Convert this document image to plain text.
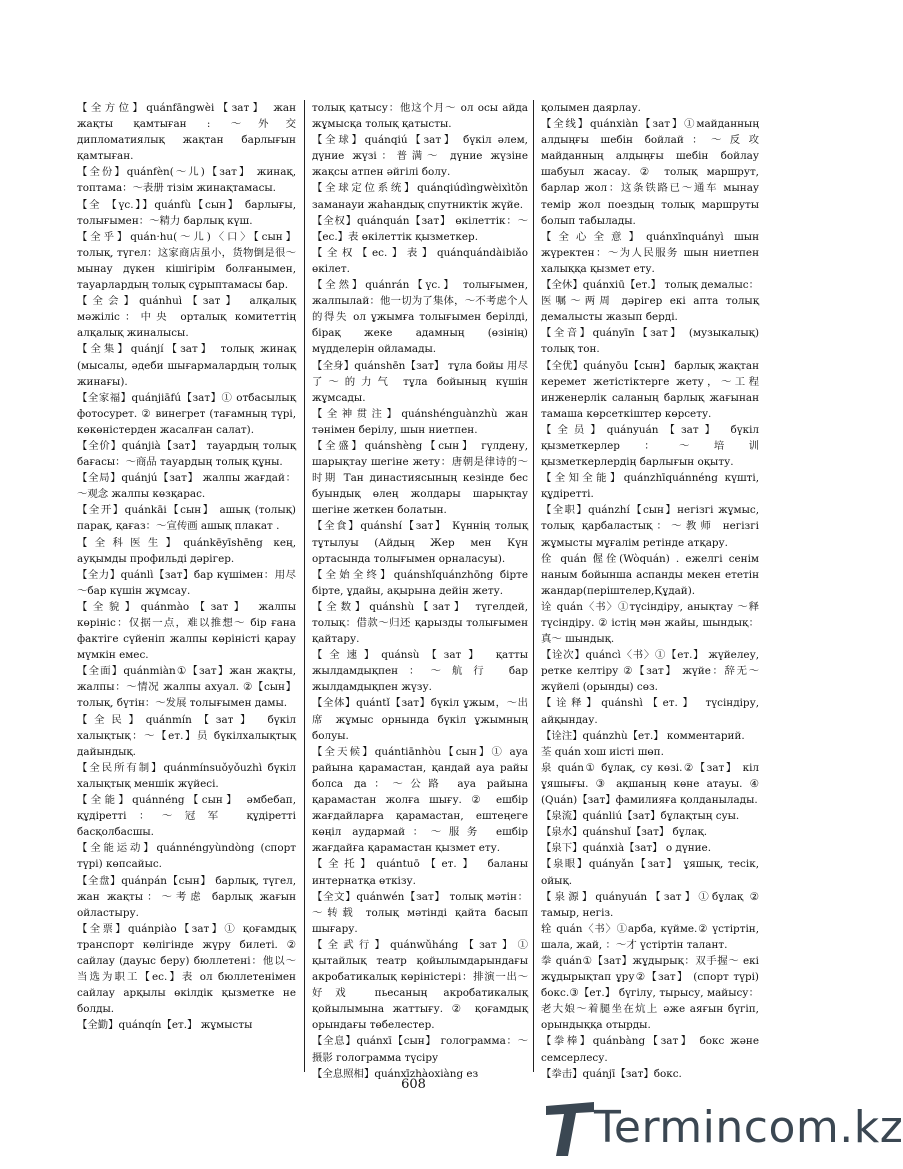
【全方位】quánfāngwèi【зат】 жан жақты қамтыған : ～外交 дипломатиялық жақтан барлығын қамтыған.

【全份】quánfèn(～儿)【зат】 жинақ, топтама：～表册 тізім жинақтамасы.

【全 【үс.】】quánfù【сын】 барлығы, толығымен：～精力 барлық күш.

【全乎】quán·hu(～儿)〈口〉【сын】 толық, түгел：这家商店虽小，货物倒是很～ мынау дүкен кішігірім болғанымен, тауарлардың толық сұрыптамасы бар.

【全会】quánhuì【зат】 алқалық мәжіліс：中央 орталық комитеттің алқалық жиналысы.

【全集】quánjí【зат】 толық жинақ (мысалы, әдеби шығармалардың толық жинағы).

【全家福】quánjiāfú【зат】① отбасылық фотосурет. ② винегрет (тағамның түрі, көкөністерден жасалған салат).

【全价】quánjià【зат】 тауардың толық бағасы：～商品 тауардың толық құны.

【全局】quánjú【зат】 жалпы жағдай：～观念 жалпы көзқарас.

【全开】quánkāi【сын】 ашық (толық) парақ, қағаз：～宣传画 ашық плакат .

【全科医生】quánkēyīshēng кең, ауқымды профильді дәрігер.

【全力】quánlì【зат】бар күшімен：用尽～бар күшін жұмсау.

【全貌】quánmào【зат】 жалпы көрініс：仅据一点，难以推想～ бір ғана фактіге сүйеніп жалпы көріністі қарау мүмкін емес.

【全面】quánmiàn①【зат】жан жақты, жалпы：～情况 жалпы ахуал. ②【сын】 толық, бүтін：～发展 толығымен дамы.

【全民】quánmín【зат】 бүкіл халықтық：～【ет.】员 бүкілхалықтық дайындық.

【全民所有制】quánmínsuǒyǒuzhì бүкіл халықтық меншік жүйесі.

【全能】quánnéng【сын】 әмбебап, құдіретті：～冠军 құдіретті басқолбасшы.

【全能运动】quánnéngyùndòng (спорт түрі) көпсайыс.

【全盘】quánpán【сын】 барлық, түгел, жан жақты：～考虑 барлық жағын ойластыру.

【全票】quánpiào【зат】① қоғамдық транспорт көлігінде жүру билеті. ② сайлау (дауыс беру) бюллетені：他以～当选为职工【ес.】表 ол бюллетенімен сайлау арқылы өкілдік қызметке не болды.

【全勤】quánqín【ет.】 жұмысты

толық қатысу：他这个月～ ол осы айда жұмысқа толық қатысты.

【全球】quánqiú【зат】 бүкіл әлем, дүние жүзі：普满～ дүние жүзіне жақсы атпен әйгілі болу.

【全球定位系统】quánqiúdìngwèixìtǒn заманауи жаһандық спутниктік жүйе.

【全权】quánquán【зат】 өкілеттік：～【ес.】表 өкілеттік қызметкер.

【全权【ес.】表】quánquándàibiǎo өкілет.

【全然】quánrán【үс.】 толығымен, жалпылай：他一切为了集体，～不考虑个人的得失 ол ұжымға толығымен берілді, бірақ жеке адамның (өзінің) мүдделерін ойламады.

【全身】quánshēn【зат】 тұла бойы 用尽了～的力气 тұла бойының күшін жұмсады.

【全神贯注】quánshénguànzhù жан тәнімен берілу, шын ниетпен.

【全盛】quánshèng【сын】 гүлдену, шарықтау шегіне жету：唐朝是律诗的～时期 Тан династиясының кезінде бес буындық өлең жолдары шарықтау шегіне жеткен болатын.

【全食】quánshí【зат】 Күннің толық тұтылуы (Айдың Жер мен Күн ортасында толығымен орналасуы).

【全始全终】quánshǐquánzhōng бірте бірте, ұдайы, ақырына дейін жету.

【全数】quánshù【зат】 түгелдей, толық：借款～归还 қарызды толығымен қайтару.

【全速】quánsù【зат】 қатты жылдамдықпен：～航行 бар жылдамдықпен жүзу.

【全体】quántǐ【зат】бүкіл ұжым，～出席 жұмыс орнында бүкіл ұжымның болуы.

【全天候】quántiānhòu【сын】① ауа райына қарамастан, қандай ауа райы болса да：～公路 ауа райына қарамастан жолға шығу. ② ешбір жағдайларға қарамастан, ештеңеге көңіл аудармай：～服务 ешбір жағдайға қарамастан қызмет ету.

【全托】quántuō【ет.】 баланы интернатқа өткізу.

【全文】quánwén【зат】 толық мәтін：～转载 толық мәтінді қайта басып шығару.

【全武行】quánwǔháng【зат】① қытайлық театр қойылымдарындағы акробатикалық көріністері：排演一出～好戏 пьесаның акробатикалық қойылымына жаттығу. ② қоғамдық орындағы төбелестер.

【全息】quánxī【сын】 голограмма：～摄影 голограмма түсіру

【全息照相】quánxīzhàoxiàng ез

қолымен даярлау.

【全线】quánxiàn【зат】①майданның алдыңғы шебін бойлай：～反攻 майданның алдыңғы шебін бойлау шабуыл жасау. ② толық маршрут, барлар жол：这条铁路已～通车 мынау темір жол поездың толық маршруты болып табылады.

【全心全意】quánxīnquányì шын жүректен：～为人民服务 шын ниетпен халыққа қызмет ету.

【全休】quánxiū【ет.】 толық демалыс：医嘱～两周 дәрігер екі апта толық демалысты жазып берді.

【全音】quányīn【зат】 (музыкалық) толық тон.

【全优】quányōu【сын】 барлық жақтан керемет жетістіктерге жету，～工程 инженерлік саланың барлық жағынан тамаша көрсеткіштер көрсету.

【全员】quányuán【зат】 бүкіл қызметкерлер：～培训 қызметкерлердің барлығын оқыту.

【全知全能】quánzhīquánnéng күшті, құдіретті.

【全职】quánzhí【сын】негізгі жұмыс, толық қарбаластық：～教师 негізгі жұмысты мұғалім ретінде атқару.

佺 quán 偓佺(Wòquán) . ежелгі сенім наным бойынша аспанды мекен ететін жандар(періштелер,Құдай).

诠 quán〈书〉①түсіндіру, анықтау ～释 түсіндіру. ② істің мән жайы, шындық：真～ шындық.

【诠次】quáncì〈书〉①【ет.】 жүйелеу, ретке келтіру ②【зат】 жүйе：辞无～ жүйелі (орынды) сөз.

【诠释】quánshì【ет.】 түсіндіру, айқындау.

【诠注】quánzhù【ет.】 комментарий.

荃 quán хош иісті шөп.

泉 quán① бұлақ, су көзі.②【зат】 кіл ұяшығы. ③ ақшаның көне атауы. ④ (Quán)【зат】фамилияға қолданылады.

【泉流】quánliú【зат】бұлақтың суы.

【泉水】quánshuǐ【зат】 бұлақ.

【泉下】quánxià【зат】 о дүние.

【泉眼】quányǎn【зат】 ұяшық, тесік, ойық.

【泉源】quányuán【зат】①бұлақ ② тамыр, негіз.

辁 quán〈书〉①арба, күйме.② үстіртін, шала, жай, ：～才 үстіртін талант.

拳 quán①【зат】жұдырық：双手握～ екі жұдырықтап ұру②【зат】 (спорт түрі) бокс.③【ет.】 бүгілу, тырысу, майысу：老大娘～着腿坐在炕上 әже аяғын бүгіп, орындыққа отырды.

【拳棒】quánbàng【зат】 бокс және семсерлесу.

【拳击】quánjī【зат】бокс.

608
Termincom.kz
